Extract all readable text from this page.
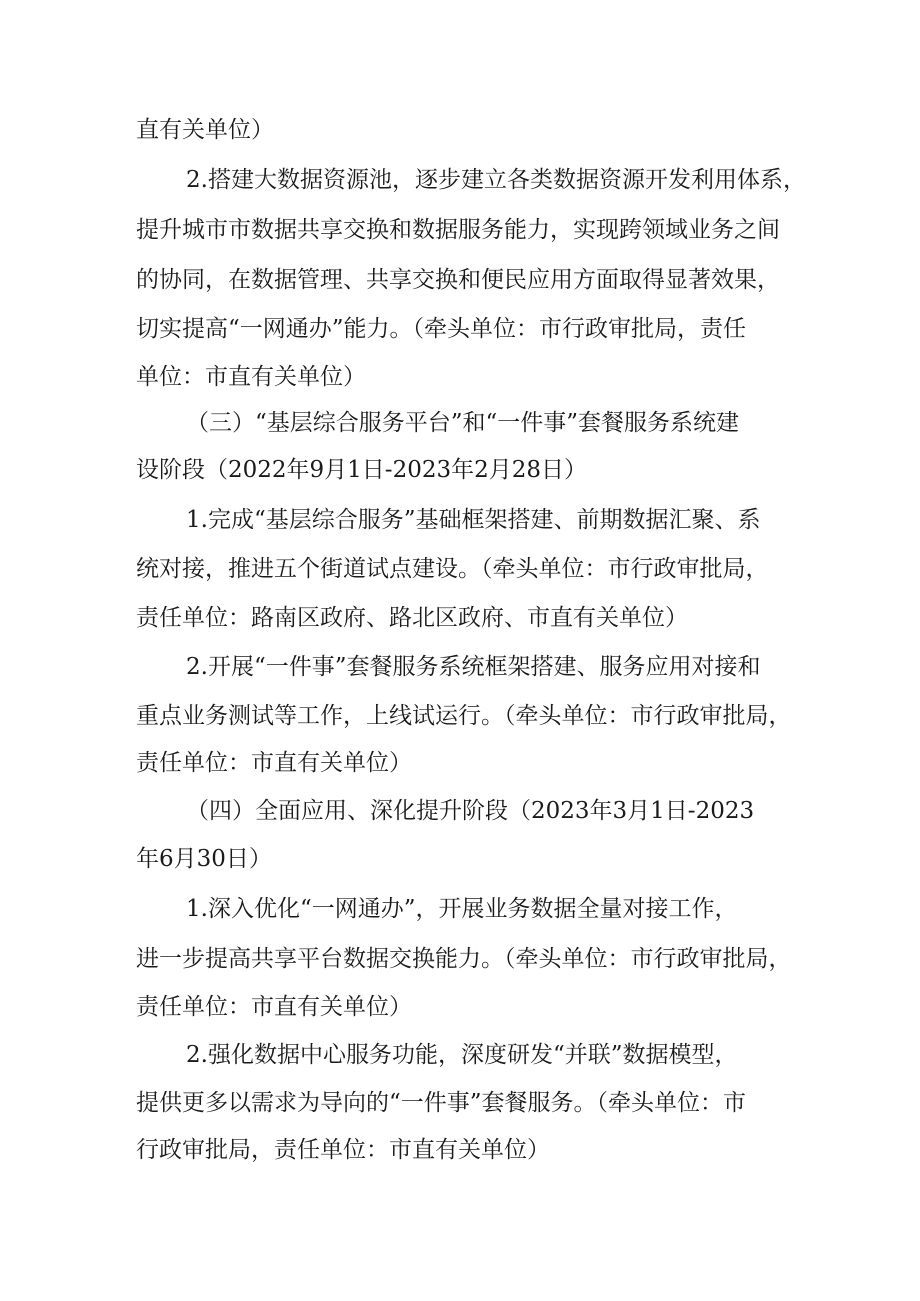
直有关单位）
2.搭建大数据资源池，逐步建立各类数据资源开发利用体系，
提升城市市数据共享交换和数据服务能力，实现跨领域业务之间
的协同，在数据管理、共享交换和便民应用方面取得显著效果，
切实提高“一网通办”能力。（牵头单位：市行政审批局，责任
单位：市直有关单位）
（三）“基层综合服务平台”和“一件事”套餐服务系统建
设阶段（2022年9月1日-2023年2月28日）
1.完成“基层综合服务”基础框架搭建、前期数据汇聚、系
统对接，推进五个街道试点建设。（牵头单位：市行政审批局，
责任单位：路南区政府、路北区政府、市直有关单位）
2.开展“一件事”套餐服务系统框架搭建、服务应用对接和
重点业务测试等工作，上线试运行。（牵头单位：市行政审批局，
责任单位：市直有关单位）
（四）全面应用、深化提升阶段（2023年3月1日-2023
年6月30日）
1.深入优化“一网通办”，开展业务数据全量对接工作，
进一步提高共享平台数据交换能力。（牵头单位：市行政审批局，
责任单位：市直有关单位）
2.强化数据中心服务功能，深度研发“并联”数据模型，
提供更多以需求为导向的“一件事”套餐服务。（牵头单位：市
行政审批局，责任单位：市直有关单位）
